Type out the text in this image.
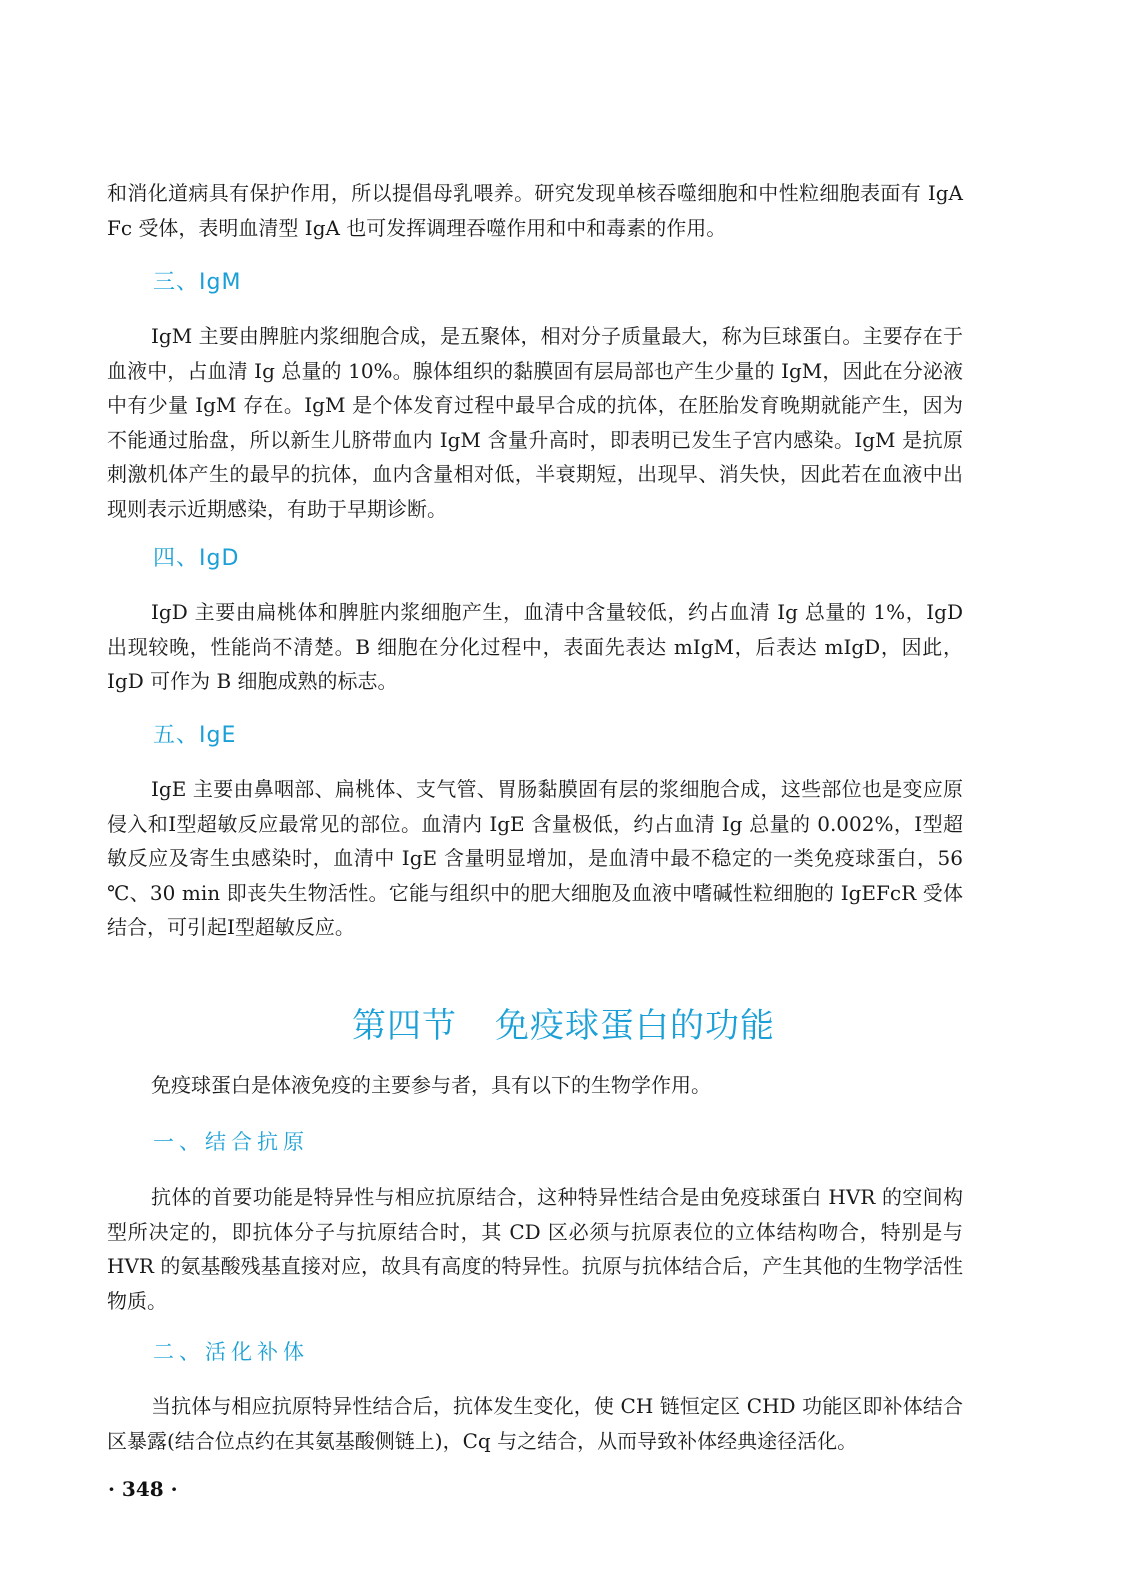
和消化道病具有保护作用，所以提倡母乳喂养。研究发现单核吞噬细胞和中性粒细胞表面有 IgA Fc 受体，表明血清型 IgA 也可发挥调理吞噬作用和中和毒素的作用。

三、IgM

IgM 主要由脾脏内浆细胞合成，是五聚体，相对分子质量最大，称为巨球蛋白。主要存在于血液中，占血清 Ig 总量的 10%。腺体组织的黏膜固有层局部也产生少量的 IgM，因此在分泌液中有少量 IgM 存在。IgM 是个体发育过程中最早合成的抗体，在胚胎发育晚期就能产生，因为不能通过胎盘，所以新生儿脐带血内 IgM 含量升高时，即表明已发生子宫内感染。IgM 是抗原刺激机体产生的最早的抗体，血内含量相对低，半衰期短，出现早、消失快，因此若在血液中出现则表示近期感染，有助于早期诊断。

四、IgD

IgD 主要由扁桃体和脾脏内浆细胞产生，血清中含量较低，约占血清 Ig 总量的 1%，IgD 出现较晚，性能尚不清楚。B 细胞在分化过程中，表面先表达 mIgM，后表达 mIgD，因此，IgD 可作为 B 细胞成熟的标志。

五、IgE

IgE 主要由鼻咽部、扁桃体、支气管、胃肠黏膜固有层的浆细胞合成，这些部位也是变应原侵入和Ⅰ型超敏反应最常见的部位。血清内 IgE 含量极低，约占血清 Ig 总量的 0.002%，Ⅰ型超敏反应及寄生虫感染时，血清中 IgE 含量明显增加，是血清中最不稳定的一类免疫球蛋白，56 ℃、30 min 即丧失生物活性。它能与组织中的肥大细胞及血液中嗜碱性粒细胞的 IgEFcR 受体结合，可引起Ⅰ型超敏反应。

第四节 免疫球蛋白的功能

免疫球蛋白是体液免疫的主要参与者，具有以下的生物学作用。

一、结合抗原

抗体的首要功能是特异性与相应抗原结合，这种特异性结合是由免疫球蛋白 HVR 的空间构型所决定的，即抗体分子与抗原结合时，其 CD 区必须与抗原表位的立体结构吻合，特别是与 HVR 的氨基酸残基直接对应，故具有高度的特异性。抗原与抗体结合后，产生其他的生物学活性物质。

二、活化补体

当抗体与相应抗原特异性结合后，抗体发生变化，使 CH 链恒定区 CHD 功能区即补体结合区暴露(结合位点约在其氨基酸侧链上)，Cq 与之结合，从而导致补体经典途径活化。

· 348 ·
